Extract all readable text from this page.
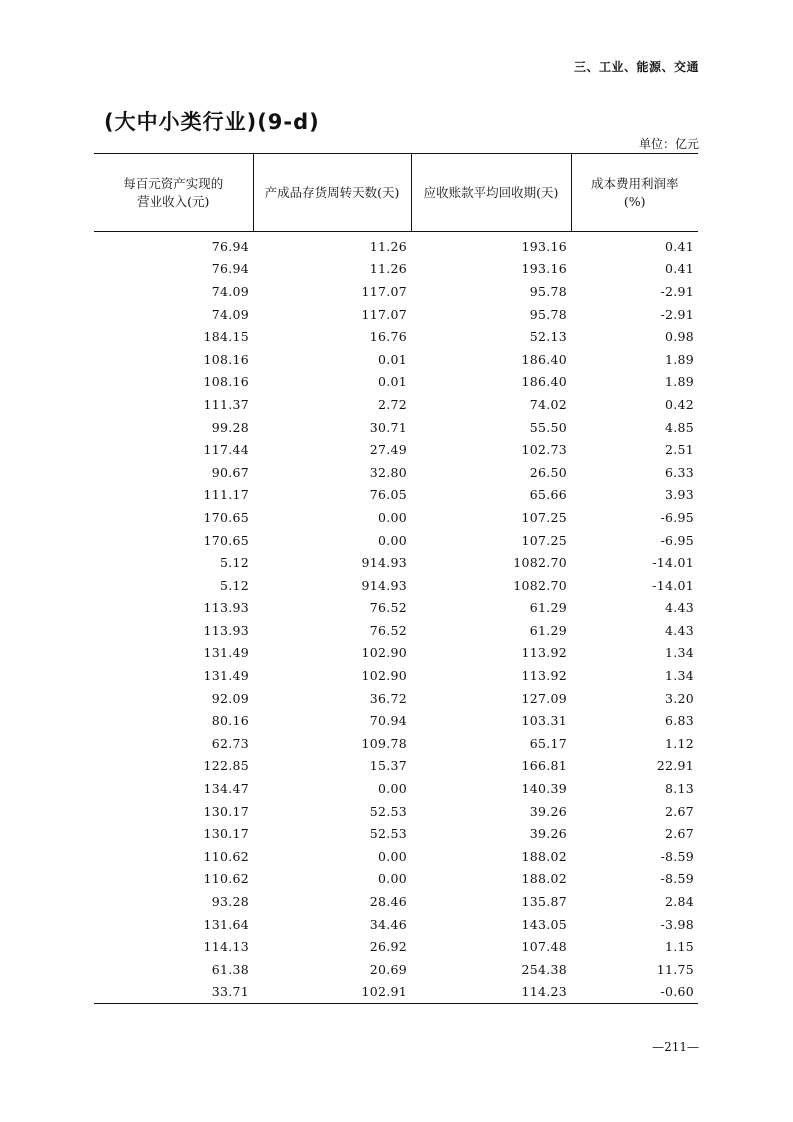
三、工业、能源、交通
(大中小类行业)(9-d)
单位：亿元
每百元资产实现的
营业收入(元)	产成品存货周转天数(天)	应收账款平均回收期(天)	成本费用利润率
(%)

76.94	11.26	193.16	0.41
76.94	11.26	193.16	0.41
74.09	117.07	95.78	-2.91
74.09	117.07	95.78	-2.91
184.15	16.76	52.13	0.98
108.16	0.01	186.40	1.89
108.16	0.01	186.40	1.89
111.37	2.72	74.02	0.42
99.28	30.71	55.50	4.85
117.44	27.49	102.73	2.51
90.67	32.80	26.50	6.33
111.17	76.05	65.66	3.93
170.65	0.00	107.25	-6.95
170.65	0.00	107.25	-6.95
5.12	914.93	1082.70	-14.01
5.12	914.93	1082.70	-14.01
113.93	76.52	61.29	4.43
113.93	76.52	61.29	4.43
131.49	102.90	113.92	1.34
131.49	102.90	113.92	1.34
92.09	36.72	127.09	3.20
80.16	70.94	103.31	6.83
62.73	109.78	65.17	1.12
122.85	15.37	166.81	22.91
134.47	0.00	140.39	8.13
130.17	52.53	39.26	2.67
130.17	52.53	39.26	2.67
110.62	0.00	188.02	-8.59
110.62	0.00	188.02	-8.59
93.28	28.46	135.87	2.84
131.64	34.46	143.05	-3.98
114.13	26.92	107.48	1.15
61.38	20.69	254.38	11.75
33.71	102.91	114.23	-0.60
—211—
